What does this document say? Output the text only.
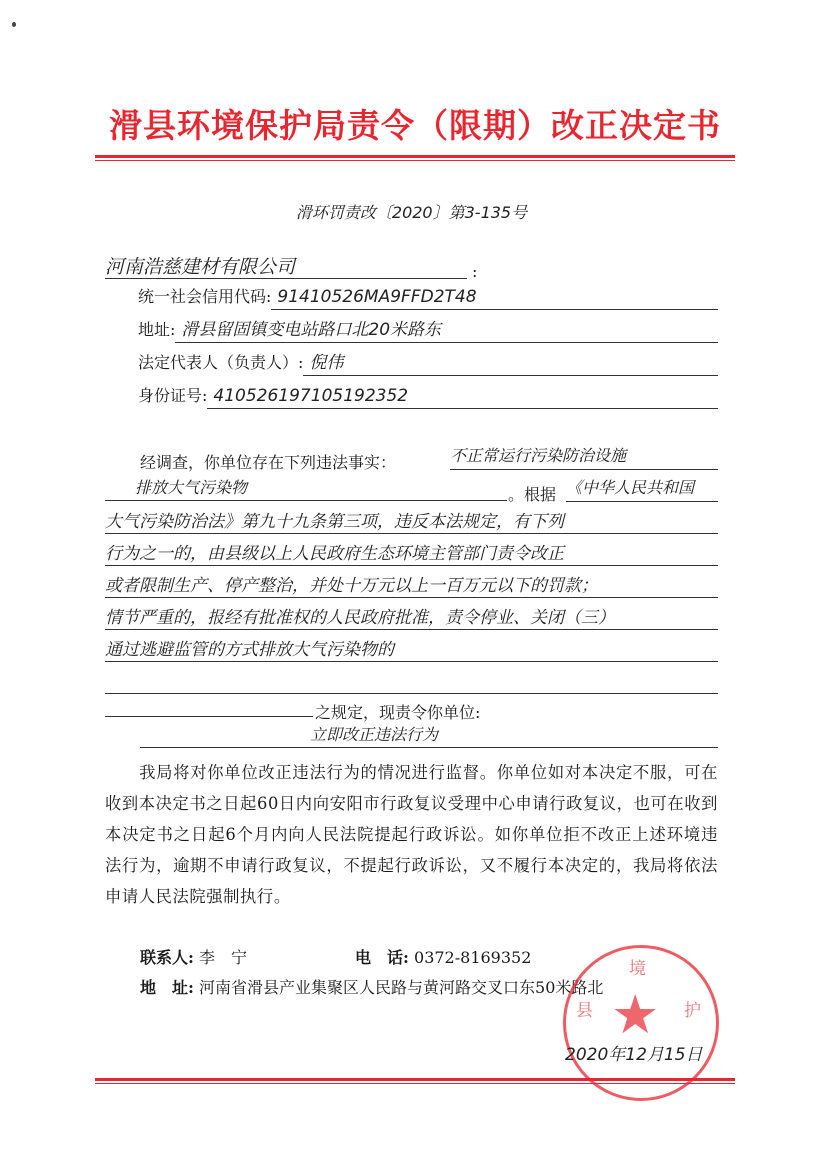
滑县环境保护局责令（限期）改正决定书
滑环罚责改〔2020〕第3-135号
河南浩慈建材有限公司	:
统一社会信用代码: 91410526MA9FFD2T48
地址: 滑县留固镇变电站路口北20米路东
法定代表人（负责人）: 倪伟
身份证号: 410526197105192352
经调查，你单位存在下列违法事实：	不正常运行污染防治设施
排放大气污染物	。根据 《中华人民共和国
大气污染防治法》第九十九条第三项，违反本法规定，有下列
行为之一的，由县级以上人民政府生态环境主管部门责令改正
或者限制生产、停产整治，并处十万元以上一百万元以下的罚款；
情节严重的，报经有批准权的人民政府批准，责令停业、关闭（三）
通过逃避监管的方式排放大气污染物的
之规定，现责令你单位:
立即改正违法行为
我局将对你单位改正违法行为的情况进行监督。你单位如对本决定不服，可在收到本决定书之日起60日内向安阳市行政复议受理中心申请行政复议，也可在收到本决定书之日起6个月内向人民法院提起行政诉讼。如你单位拒不改正上述环境违法行为，逾期不申请行政复议，不提起行政诉讼，又不履行本决定的，我局将依法申请人民法院强制执行。
联系人: 李　宁	电　话: 0372-8169352
地　址: 河南省滑县产业集聚区人民路与黄河路交叉口东50米路北
境
县	护
★
2020年12月15日
